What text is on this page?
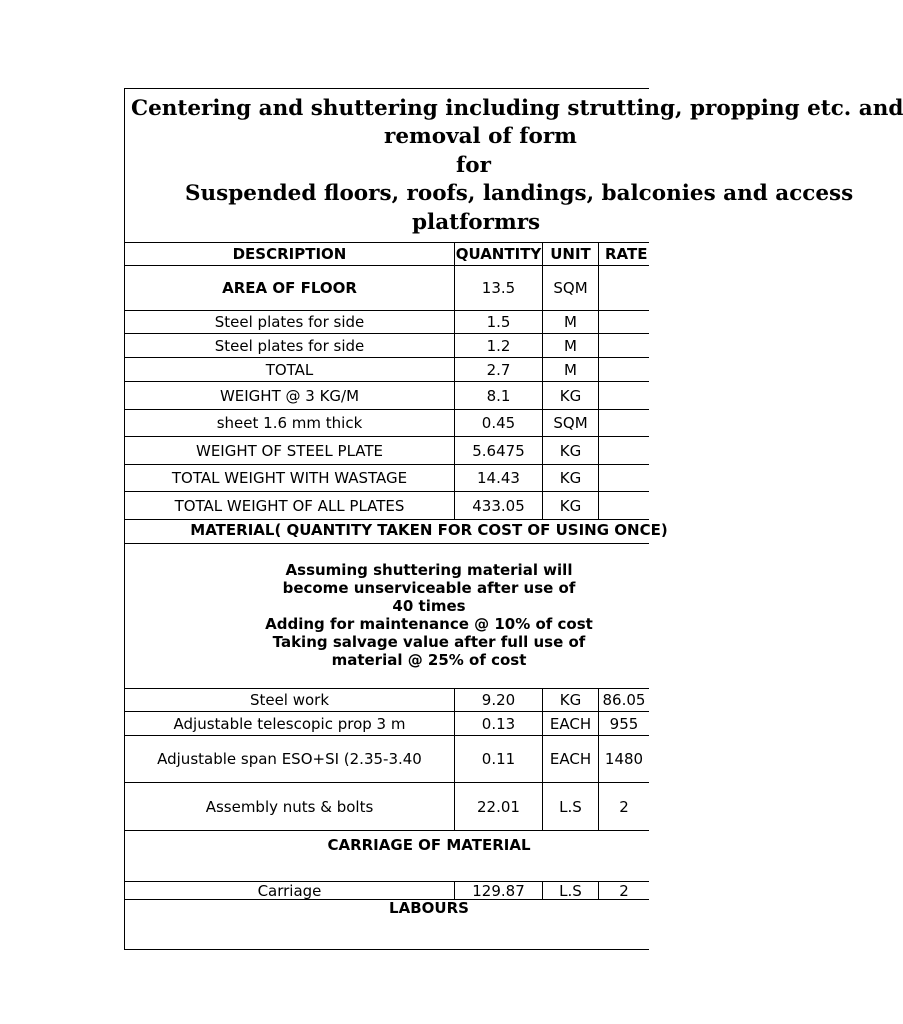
Centering and shuttering including strutting, propping etc. and
removal of form
for
Suspended floors, roofs, landings, balconies and access
platformrs
DESCRIPTION	QUANTITY UNIT RATE
AREA OF FLOOR	13.5	SQM
Steel plates for side	1.5	M
Steel plates for side	1.2	M
TOTAL	2.7	M
WEIGHT @ 3 KG/M	8.1	KG
sheet 1.6 mm thick	0.45	SQM
WEIGHT OF STEEL PLATE	5.6475	KG
TOTAL WEIGHT WITH WASTAGE	14.43	KG
TOTAL WEIGHT OF ALL PLATES	433.05	KG
MATERIAL( QUANTITY TAKEN FOR COST OF USING ONCE)
Assuming shuttering material will
become unserviceable after use of
40 times
Adding for maintenance @ 10% of cost
Taking salvage value after full use of
material @ 25% of cost
Steel work	9.20	KG	86.05
Adjustable telescopic prop 3 m	0.13	EACH	955
Adjustable span ESO+SI (2.35-3.40	0.11	EACH 1480
Assembly nuts & bolts	22.01	L.S	2
CARRIAGE OF MATERIAL
Carriage	129.87	L.S	2
LABOURS
